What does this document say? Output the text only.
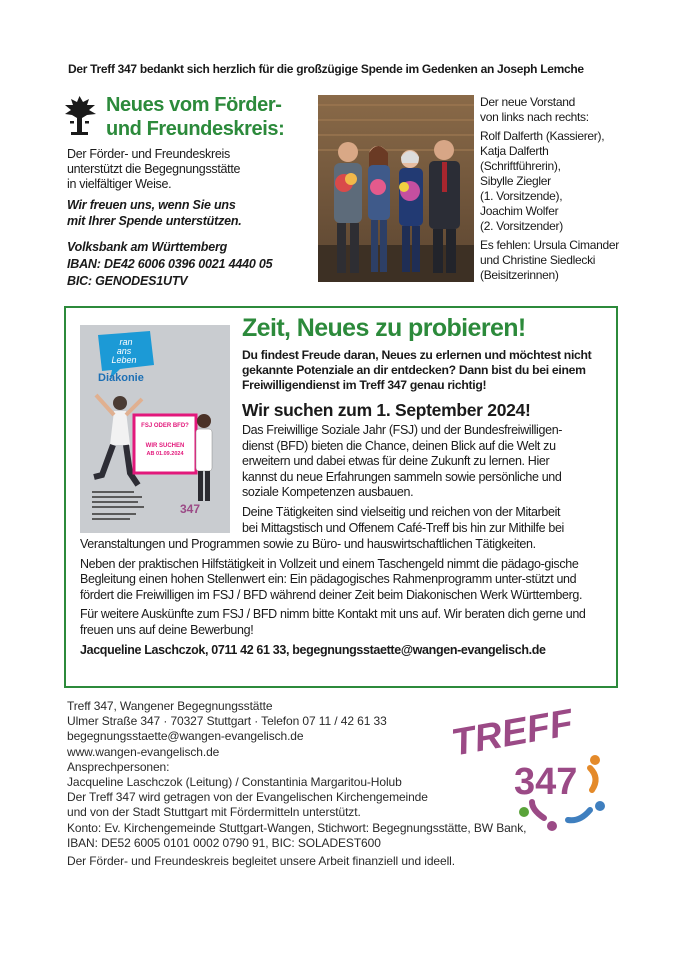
Der Treff 347 bedankt sich herzlich für die großzügige Spende im Gedenken an Joseph Lemche
Neues vom Förder-
und Freundeskreis:
Der Förder- und Freundeskreis
unterstützt die Begegnungsstätte
in vielfältiger Weise.
Wir freuen uns, wenn Sie uns
mit Ihrer Spende unterstützen.
Volksbank am Württemberg
IBAN: DE42 6006 0396 0021 4440 05
BIC: GENODES1UTV
Der neue Vorstand
von links nach rechts:
Rolf Dalferth (Kassierer),
Katja Dalferth
(Schriftführerin),
Sibylle Ziegler
(1. Vorsitzende),
Joachim Wolfer
(2. Vorsitzender)
Es fehlen: Ursula Cimander
und Christine Siedlecki
(Beisitzerinnen)
ran
ans
Leben
Diakonie
FSJ ODER BFD?
WIR SUCHEN
AB 01.09.2024
347
Zeit, Neues zu probieren!
Du findest Freude daran, Neues zu erlernen und möchtest nicht
gekannte Potenziale an dir entdecken? Dann bist du bei einem
Freiwilligendienst im Treff 347 genau richtig!
Wir suchen zum 1. September 2024!
Das Freiwillige Soziale Jahr (FSJ) und der Bundesfreiwilligen-
dienst (BFD) bieten die Chance, deinen Blick auf die Welt zu
erweitern und dabei etwas für deine Zukunft zu lernen. Hier
kannst du neue Erfahrungen sammeln sowie persönliche und
soziale Kompetenzen ausbauen.
Deine Tätigkeiten sind vielseitig und reichen von der Mitarbeit
bei Mittagstisch und Offenem Café-Treff bis hin zur Mithilfe bei

Veranstaltungen und Programmen sowie zu Büro- und hauswirtschaftlichen Tätigkeiten.

Neben der praktischen Hilfstätigkeit in Vollzeit und einem Taschengeld nimmt die pädago-gische Begleitung einen hohen Stellenwert ein: Ein pädagogisches Rahmenprogramm unter-stützt und fördert die Freiwilligen im FSJ / BFD während deiner Zeit beim Diakonischen Werk Württemberg.

Für weitere Auskünfte zum FSJ / BFD nimm bitte Kontakt mit uns auf. Wir beraten dich gerne und freuen uns auf deine Bewerbung!

Jacqueline Laschczok, 0711 42 61 33, begegnungsstaette@wangen-evangelisch.de

Treff 347, Wangener Begegnungsstätte
Ulmer Straße 347 · 70327 Stuttgart · Telefon 07 11 / 42 61 33
begegnungsstaette@wangen-evangelisch.de
www.wangen-evangelisch.de
Ansprechpersonen:
Jacqueline Laschczok (Leitung) / Constantinia Margaritou-Holub
Der Treff 347 wird getragen von der Evangelischen Kirchengemeinde
und von der Stadt Stuttgart mit Fördermitteln unterstützt.
Konto: Ev. Kirchengemeinde Stuttgart-Wangen, Stichwort: Begegnungsstätte, BW Bank,
IBAN: DE52 6005 0101 0002 0790 91, BIC: SOLADEST600
Der Förder- und Freundeskreis begleitet unsere Arbeit finanziell und ideell.
TREFF
347
